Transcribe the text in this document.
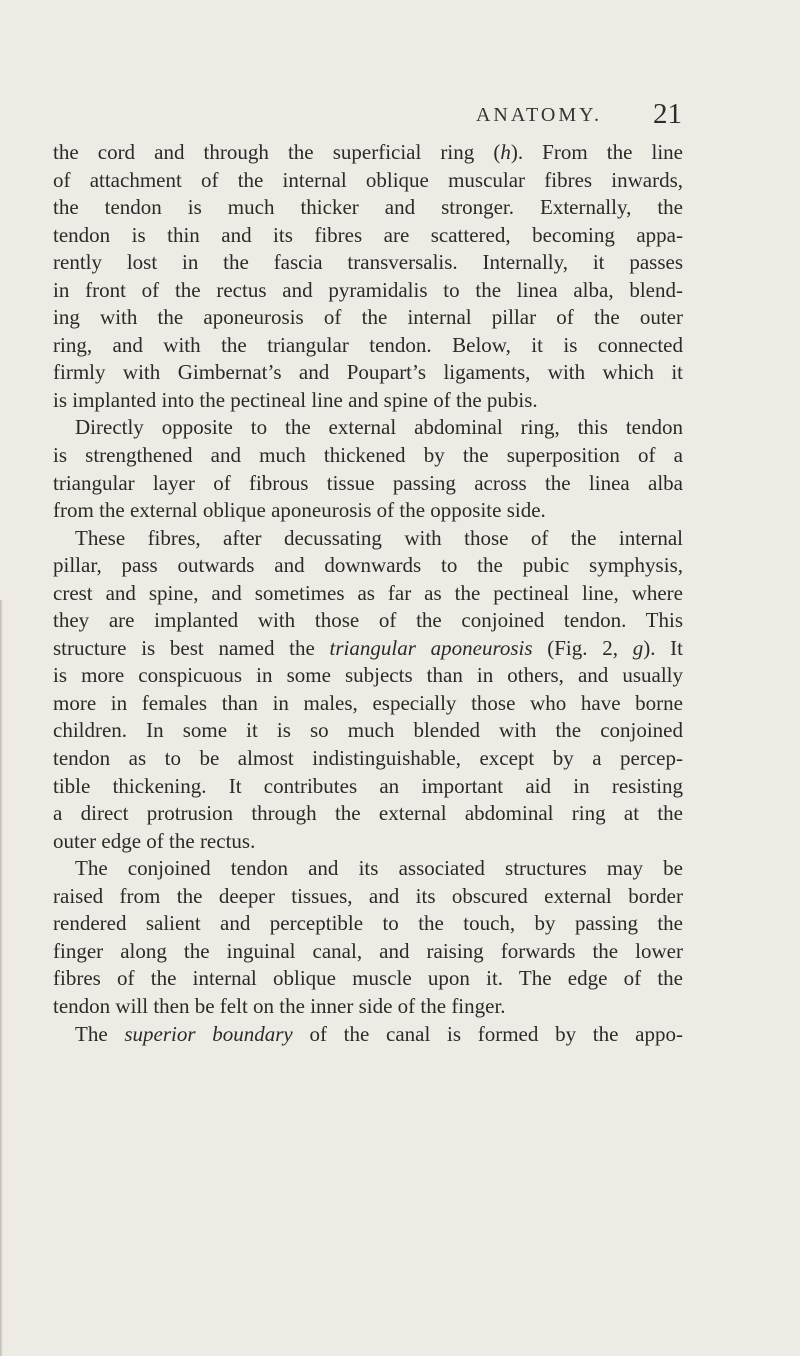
ANATOMY. 21
the cord and through the superficial ring (h). From the line
of attachment of the internal oblique muscular fibres inwards,
the tendon is much thicker and stronger. Externally, the
tendon is thin and its fibres are scattered, becoming appa-
rently lost in the fascia transversalis. Internally, it passes
in front of the rectus and pyramidalis to the linea alba, blend-
ing with the aponeurosis of the internal pillar of the outer
ring, and with the triangular tendon. Below, it is connected
firmly with Gimbernat’s and Poupart’s ligaments, with which it
is implanted into the pectineal line and spine of the pubis.
Directly opposite to the external abdominal ring, this tendon
is strengthened and much thickened by the superposition of a
triangular layer of fibrous tissue passing across the linea alba
from the external oblique aponeurosis of the opposite side.
These fibres, after decussating with those of the internal
pillar, pass outwards and downwards to the pubic symphysis,
crest and spine, and sometimes as far as the pectineal line, where
they are implanted with those of the conjoined tendon. This
structure is best named the triangular aponeurosis (Fig. 2, g). It
is more conspicuous in some subjects than in others, and usually
more in females than in males, especially those who have borne
children. In some it is so much blended with the conjoined
tendon as to be almost indistinguishable, except by a percep-
tible thickening. It contributes an important aid in resisting
a direct protrusion through the external abdominal ring at the
outer edge of the rectus.
The conjoined tendon and its associated structures may be
raised from the deeper tissues, and its obscured external border
rendered salient and perceptible to the touch, by passing the
finger along the inguinal canal, and raising forwards the lower
fibres of the internal oblique muscle upon it. The edge of the
tendon will then be felt on the inner side of the finger.
The superior boundary of the canal is formed by the appo-
